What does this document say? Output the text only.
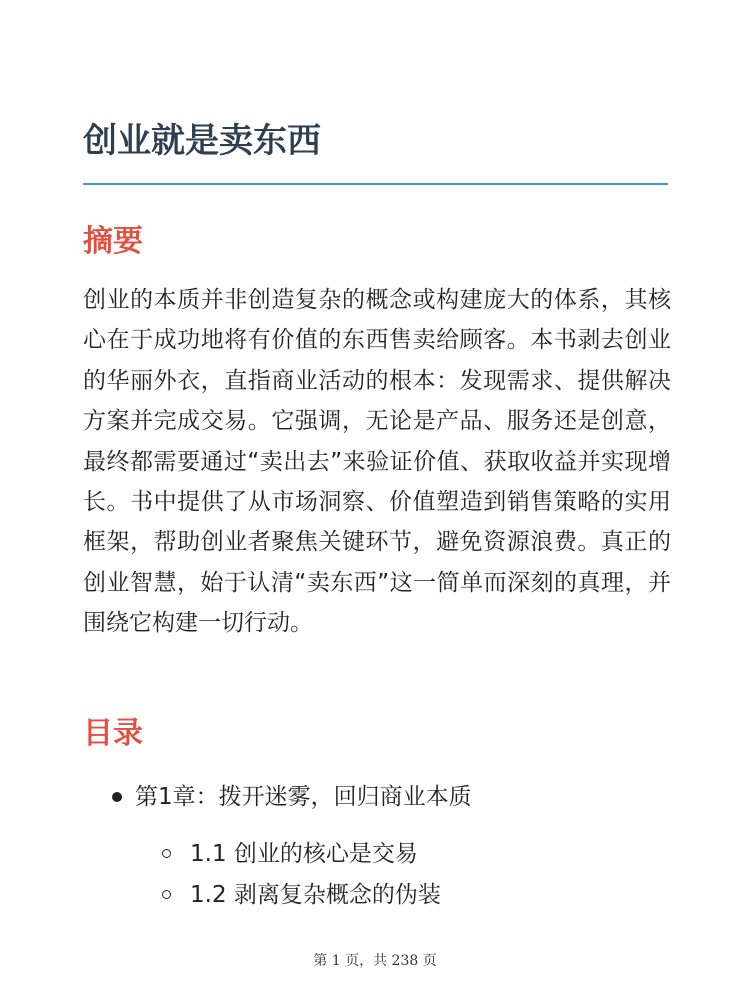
创业就是卖东西
摘要

创业的本质并非创造复杂的概念或构建庞大的体系，其核心在于成功地将有价值的东西售卖给顾客。本书剥去创业的华丽外衣，直指商业活动的根本：发现需求、提供解决方案并完成交易。它强调，无论是产品、服务还是创意，最终都需要通过“卖出去”来验证价值、获取收益并实现增长。书中提供了从市场洞察、价值塑造到销售策略的实用框架，帮助创业者聚焦关键环节，避免资源浪费。真正的创业智慧，始于认清“卖东西”这一简单而深刻的真理，并围绕它构建一切行动。

目录
第1章：拨开迷雾，回归商业本质
1.1 创业的核心是交易
1.2 剥离复杂概念的伪装
第 1 页，共 238 页
